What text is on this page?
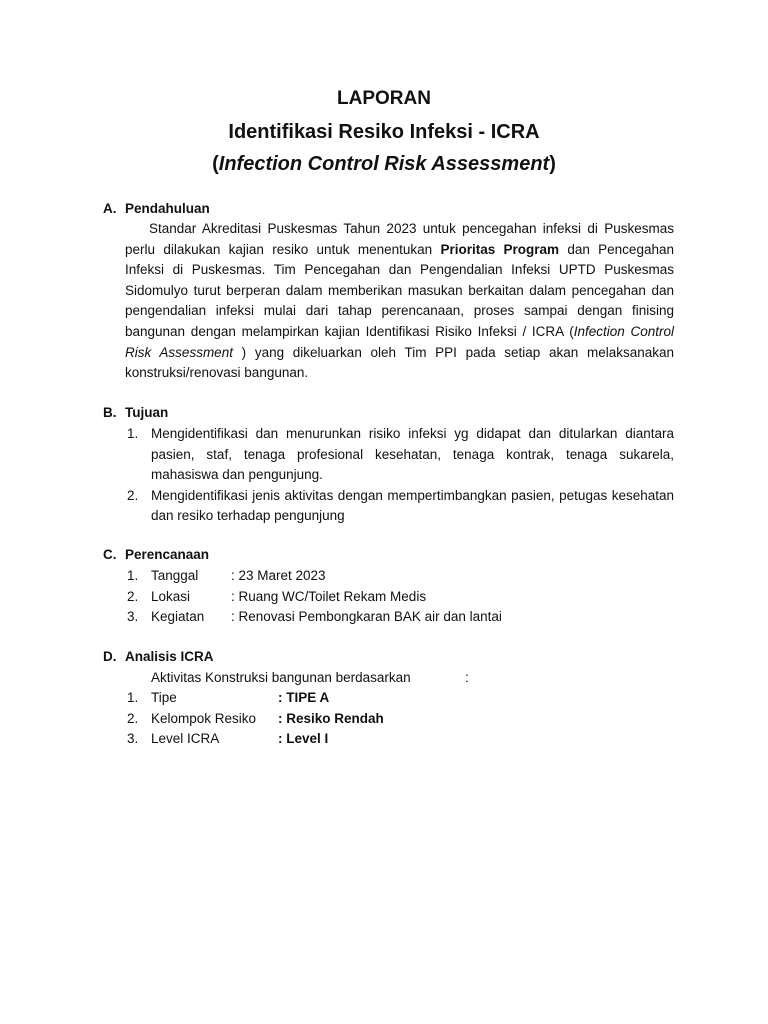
LAPORAN
Identifikasi Resiko Infeksi - ICRA
(Infection Control Risk Assessment)
A. Pendahuluan

Standar Akreditasi Puskesmas Tahun 2023 untuk pencegahan infeksi di Puskesmas perlu dilakukan kajian resiko untuk menentukan Prioritas Program dan Pencegahan Infeksi di Puskesmas. Tim Pencegahan dan Pengendalian Infeksi UPTD Puskesmas Sidomulyo turut berperan dalam memberikan masukan berkaitan dalam pencegahan dan pengendalian infeksi mulai dari tahap perencanaan, proses sampai dengan finising bangunan dengan melampirkan kajian Identifikasi Risiko Infeksi / ICRA (Infection Control Risk Assessment ) yang dikeluarkan oleh Tim PPI pada setiap akan melaksanakan konstruksi/renovasi bangunan.

B. Tujuan
1. Mengidentifikasi dan menurunkan risiko infeksi yg didapat dan ditularkan diantara pasien, staf, tenaga profesional kesehatan, tenaga kontrak, tenaga sukarela, mahasiswa dan pengunjung.
2. Mengidentifikasi jenis aktivitas dengan mempertimbangkan pasien, petugas kesehatan dan resiko terhadap pengunjung
C. Perencanaan
1. Tanggal : 23 Maret 2023
2. Lokasi	: Ruang WC/Toilet Rekam Medis
3. Kegiatan : Renovasi Pembongkaran BAK air dan lantai
D. Analisis ICRA
Aktivitas Konstruksi bangunan berdasarkan	:
1. Tipe	: TIPE A
2. Kelompok Resiko : Resiko Rendah
3. Level ICRA	: Level I
